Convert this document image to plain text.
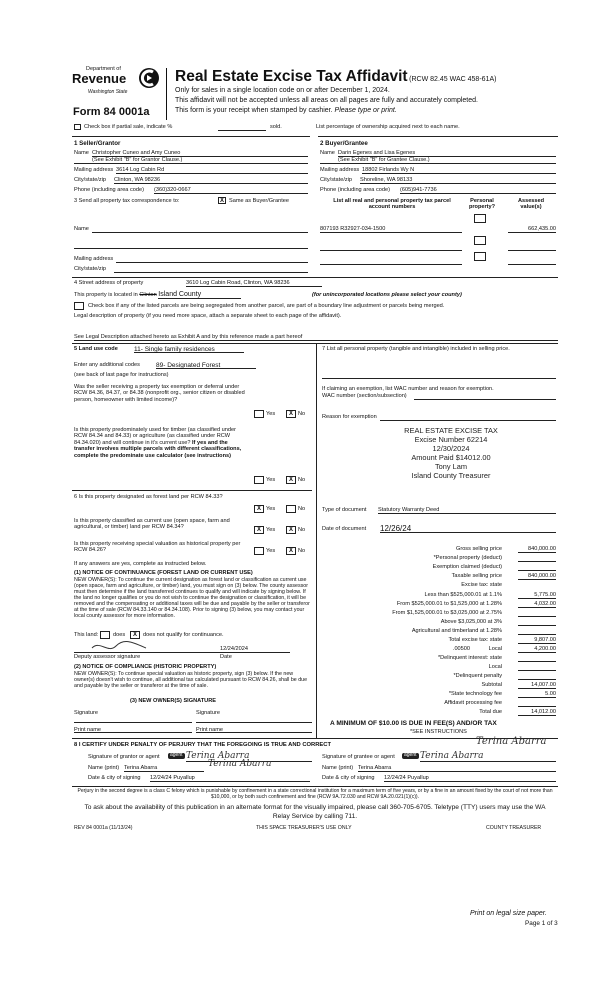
Department of
Revenue
Washington State
Form 84 0001a
Real Estate Excise Tax Affidavit (RCW 82.45 WAC 458-61A)
Only for sales in a single location code on or after December 1, 2024.
This affidavit will not be accepted unless all areas on all pages are fully and accurately completed.
This form is your receipt when stamped by cashier. Please type or print.
Check box if partial sale, indicate %	sold.	List percentage of ownership acquired next to each name.
1 Seller/Grantor
Name Christopher Cuneo and Amy Cuneo
(See Exhibit "B" for Grantor Clause.)
Mailing address 3614 Log Cabin Rd
City/state/zip Clinton, WA 98236
Phone (including area code) (360)320-0667
2 Buyer/Grantee
Name Darin Egenes and Lisa Egenes
(See Exhibit "B" for Grantee Clause.)
Mailing address 18802 Firlands Wy N
City/state/zip Shoreline, WA 98133
Phone (including area code) (605)941-7736
3 Send all property tax correspondence to:	X Same as Buyer/Grantee
Name
Mailing address
City/state/zip
List all real and personal property tax parcel account numbers
Personal property?
Assessed value(s)
807193 R32927-034-1500	662,435.00
4 Street address of property	3610 Log Cabin Road, Clinton, WA 98236
This property is located in Clinton Island County	(for unincorporated locations please select your county)
Check box if any of the listed parcels are being segregated from another parcel, are part of a boundary line adjustment or parcels being merged.
Legal description of property (if you need more space, attach a separate sheet to each page of the affidavit).
See Legal Description attached hereto as Exhibit A and by this reference made a part hereof
5 Land use code 11- Single family residences
Enter any additional codes 89- Designated Forest
(see back of last page for instructions)
Was the seller receiving a property tax exemption or deferral under RCW 84.36, 84.37, or 84.38 (nonprofit org., senior citizen or disabled person, homeowner with limited income)?
Yes	X No
Is this property predominately used for timber (as classified under RCW 84.34 and 84.33) or agriculture (as classified under RCW 84.34.020) and will continue in it's current use? If yes and the transfer involves multiple parcels with different classifications, complete the predominate use calculator (see instructions)
Yes	X No
6 Is this property designated as forest land per RCW 84.33?
X Yes	No
Is this property classified as current use (open space, farm and agricultural, or timber) land per RCW 84.34?	X Yes	X No
Is this property receiving special valuation as historical property per RCW 84.26?	Yes	X No
If any answers are yes, complete as instructed below.
(1) NOTICE OF CONTINUANCE (FOREST LAND OR CURRENT USE)
NEW OWNER(S): To continue the current designation as forest land or classification as current use (open space, farm and agriculture, or timber) land, you must sign on (3) below. The county assessor must then determine if the land transferred continues to qualify and will indicate by signing below. If the land no longer qualifies or you do not wish to continue the designation or classification, it will be removed and the compensating or additional taxes will be due and payable by the seller or transferor at the time of sale (RCW 84.33.140 or 84.34.108). Prior to signing (3) below, you may contact your local county assessor for more information.
This land:	does	X	does not qualify for continuance.
12/24/2024
Deputy assessor signature	Date
(2) NOTICE OF COMPLIANCE (HISTORIC PROPERTY)
NEW OWNER(S): To continue special valuation as historic property, sign (3) below. If the new owner(s) doesn't wish to continue, all additional tax calculated pursuant to RCW 84.26, shall be due and payable by the seller or transferor at the time of sale.
(3) NEW OWNER(S) SIGNATURE
Signature	Signature
Print name	Print name
7 List all personal property (tangible and intangible) included in selling price.
If claiming an exemption, list WAC number and reason for exemption.
WAC number (section/subsection)
Reason for exemption
REAL ESTATE EXCISE TAX
Excise Number 62214
12/30/2024
Amount Paid $14012.00
Tony Lam
Island County Treasurer
Type of document Statutory Warranty Deed
Date of document 12/26/24
Gross selling price	840,000.00
*Personal property (deduct)
Exemption claimed (deduct)
Taxable selling price	840,000.00
Excise tax: state
Less than $525,000.01 at 1.1%	5,775.00
From $525,000.01 to $1,525,000 at 1.28%	4,032.00
From $1,525,000.01 to $3,025,000 at 2.75%
Above $3,025,000 at 3%
Agricultural and timberland at 1.28%
Total excise tax: state	9,807.00
.00500	Local	4,200.00
*Delinquent interest: state
Local
*Delinquent penalty
Subtotal	14,007.00
*State technology fee	5.00
Affidavit processing fee
Total due	14,012.00
A MINIMUM OF $10.00 IS DUE IN FEE(S) AND/OR TAX
*SEE INSTRUCTIONS
8 I CERTIFY UNDER PENALTY OF PERJURY THAT THE FOREGOING IS TRUE AND CORRECT	Terina Abarra
Signature of grantor or agent	agent Terina Abarra
Name (print) Terina Abarra	Terina Abarra
Date & city of signing 12/24/24 Puyallup
Signature of grantee or agent	agent Terina Abarra
Name (print) Terina Abarra
Date & city of signing 12/24/24 Puyallup
Perjury in the second degree is a class C felony which is punishable by confinement in a state correctional institution for a maximum term of five years, or by a fine in an amount fixed by the court of not more than $10,000, or by both such confinement and fine (RCW 9A.72.030 and RCW 9A.20.021(1)(c)).
To ask about the availability of this publication in an alternate format for the visually impaired, please call 360-705-6705. Teletype (TTY) users may use the WA Relay Service by calling 711.
REV 84 0001a (11/13/24)	THIS SPACE TREASURER'S USE ONLY	COUNTY TREASURER
Print on legal size paper.
Page 1 of 3
